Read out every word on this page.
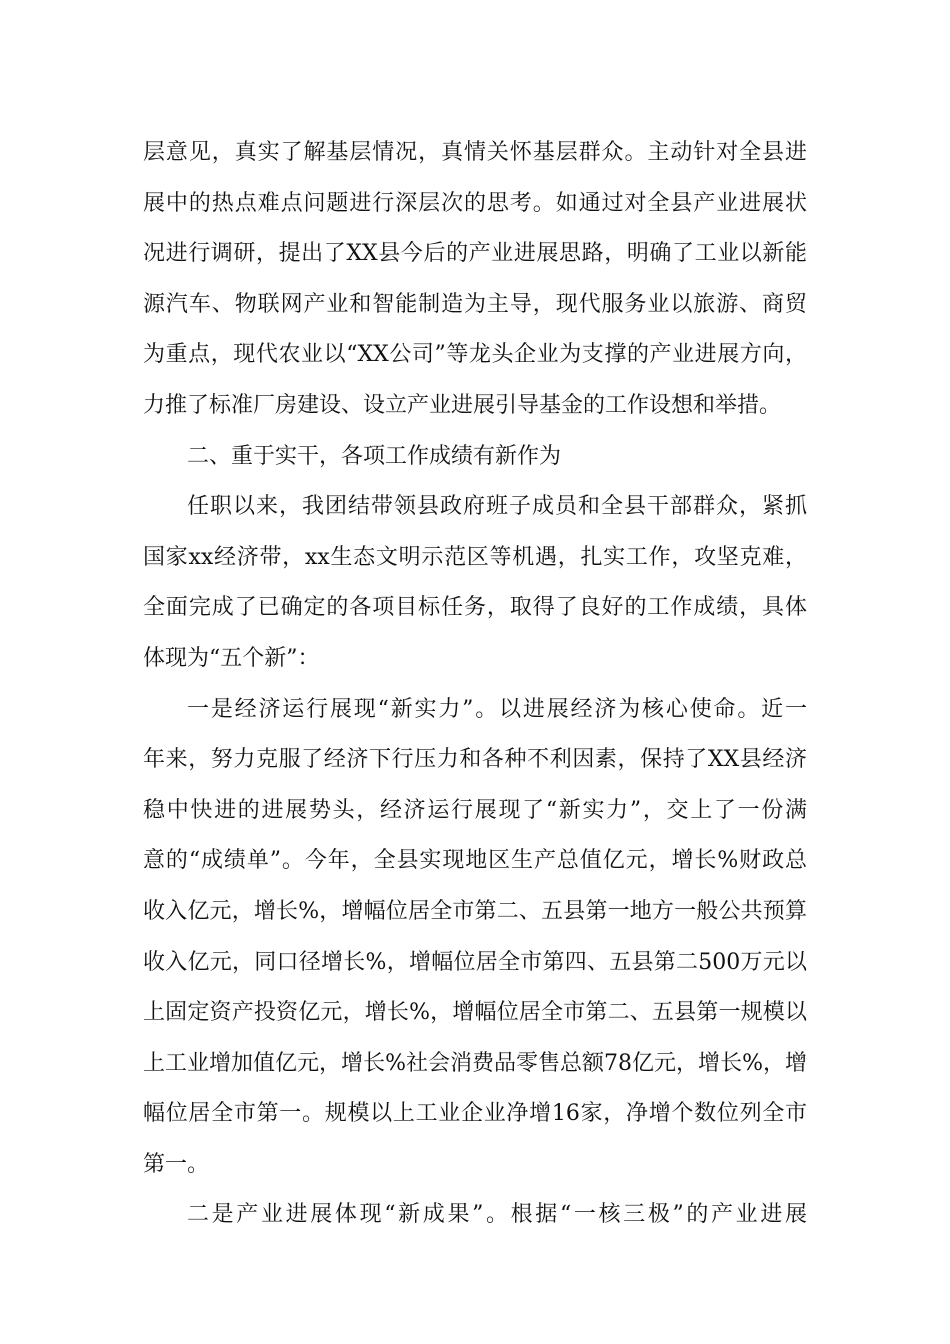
层意见，真实了解基层情况，真情关怀基层群众。主动针对全县进
展中的热点难点问题进行深层次的思考。如通过对全县产业进展状
况进行调研，提出了XX县今后的产业进展思路，明确了工业以新能
源汽车、物联网产业和智能制造为主导，现代服务业以旅游、商贸
为重点，现代农业以“XX公司”等龙头企业为支撑的产业进展方向，
力推了标准厂房建设、设立产业进展引导基金的工作设想和举措。
二、重于实干，各项工作成绩有新作为
任职以来，我团结带领县政府班子成员和全县干部群众，紧抓
国家xx经济带，xx生态文明示范区等机遇，扎实工作，攻坚克难，
全面完成了已确定的各项目标任务，取得了良好的工作成绩，具体
体现为“五个新”：
一是经济运行展现“新实力”。以进展经济为核心使命。近一
年来，努力克服了经济下行压力和各种不利因素，保持了XX县经济
稳中快进的进展势头，经济运行展现了“新实力”，交上了一份满
意的“成绩单”。今年，全县实现地区生产总值亿元，增长%财政总
收入亿元，增长%，增幅位居全市第二、五县第一地方一般公共预算
收入亿元，同口径增长%，增幅位居全市第四、五县第二500万元以
上固定资产投资亿元，增长%，增幅位居全市第二、五县第一规模以
上工业增加值亿元，增长%社会消费品零售总额78亿元，增长%，增
幅位居全市第一。规模以上工业企业净增16家，净增个数位列全市
第一。
二是产业进展体现“新成果”。根据“一核三极”的产业进展
